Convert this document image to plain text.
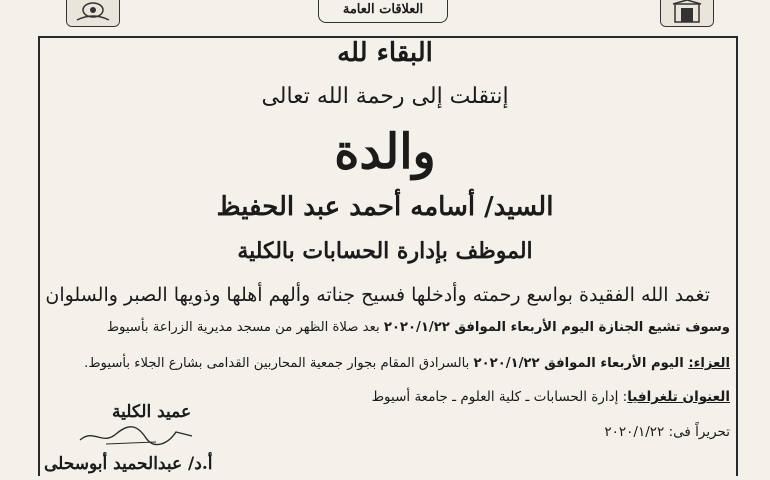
العلاقات العامة
البقاء لله
إنتقلت إلى رحمة الله تعالى
والدة
السيد/ أسامه أحمد عبد الحفيظ
الموظف بإدارة الحسابات بالكلية
تغمد الله الفقيدة بواسع رحمته وأدخلها فسيح جناته وألهم أهلها وذويها الصبر والسلوان
وسوف تشيع الجنازة اليوم الأربعاء الموافق ٢٠٢٠/١/٢٢ بعد صلاة الظهر من مسجد مديرية الزراعة بأسيوط
العزاء: اليوم الأربعاء الموافق ٢٠٢٠/١/٢٢ بالسرادق المقام بجوار جمعية المحاربين القدامى بشارع الجلاء بأسيوط.
العنوان تلغرافيا: إدارة الحسابات ـ كلية العلوم ـ جامعة أسيوط
تحريراً فى: ٢٠٢٠/١/٢٢
عميد الكلية
أ.د/ عبدالحميد أبوسحلى
